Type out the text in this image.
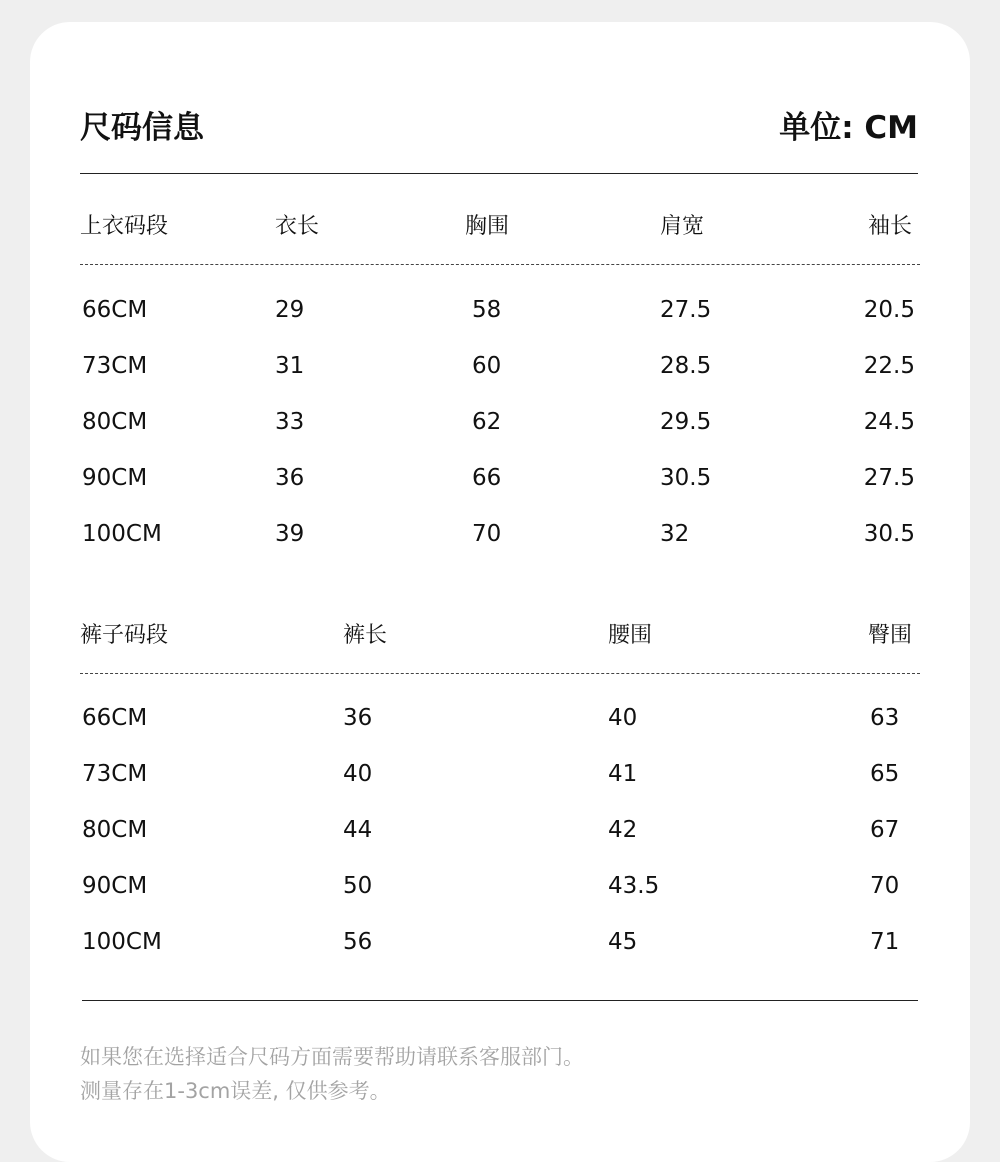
尺码信息	单位: CM
上衣码段	衣长	胸围	肩宽	袖长
66CM	29	58	27.5	20.5
73CM	31	60	28.5	22.5
80CM	33	62	29.5	24.5
90CM	36	66	30.5	27.5
100CM	39	70	32	30.5
裤子码段	裤长	腰围	臀围
66CM	36	40	63
73CM	40	41	65
80CM	44	42	67
90CM	50	43.5	70
100CM	56	45	71
如果您在选择适合尺码方面需要帮助请联系客服部门。
测量存在1-3cm误差, 仅供参考。
